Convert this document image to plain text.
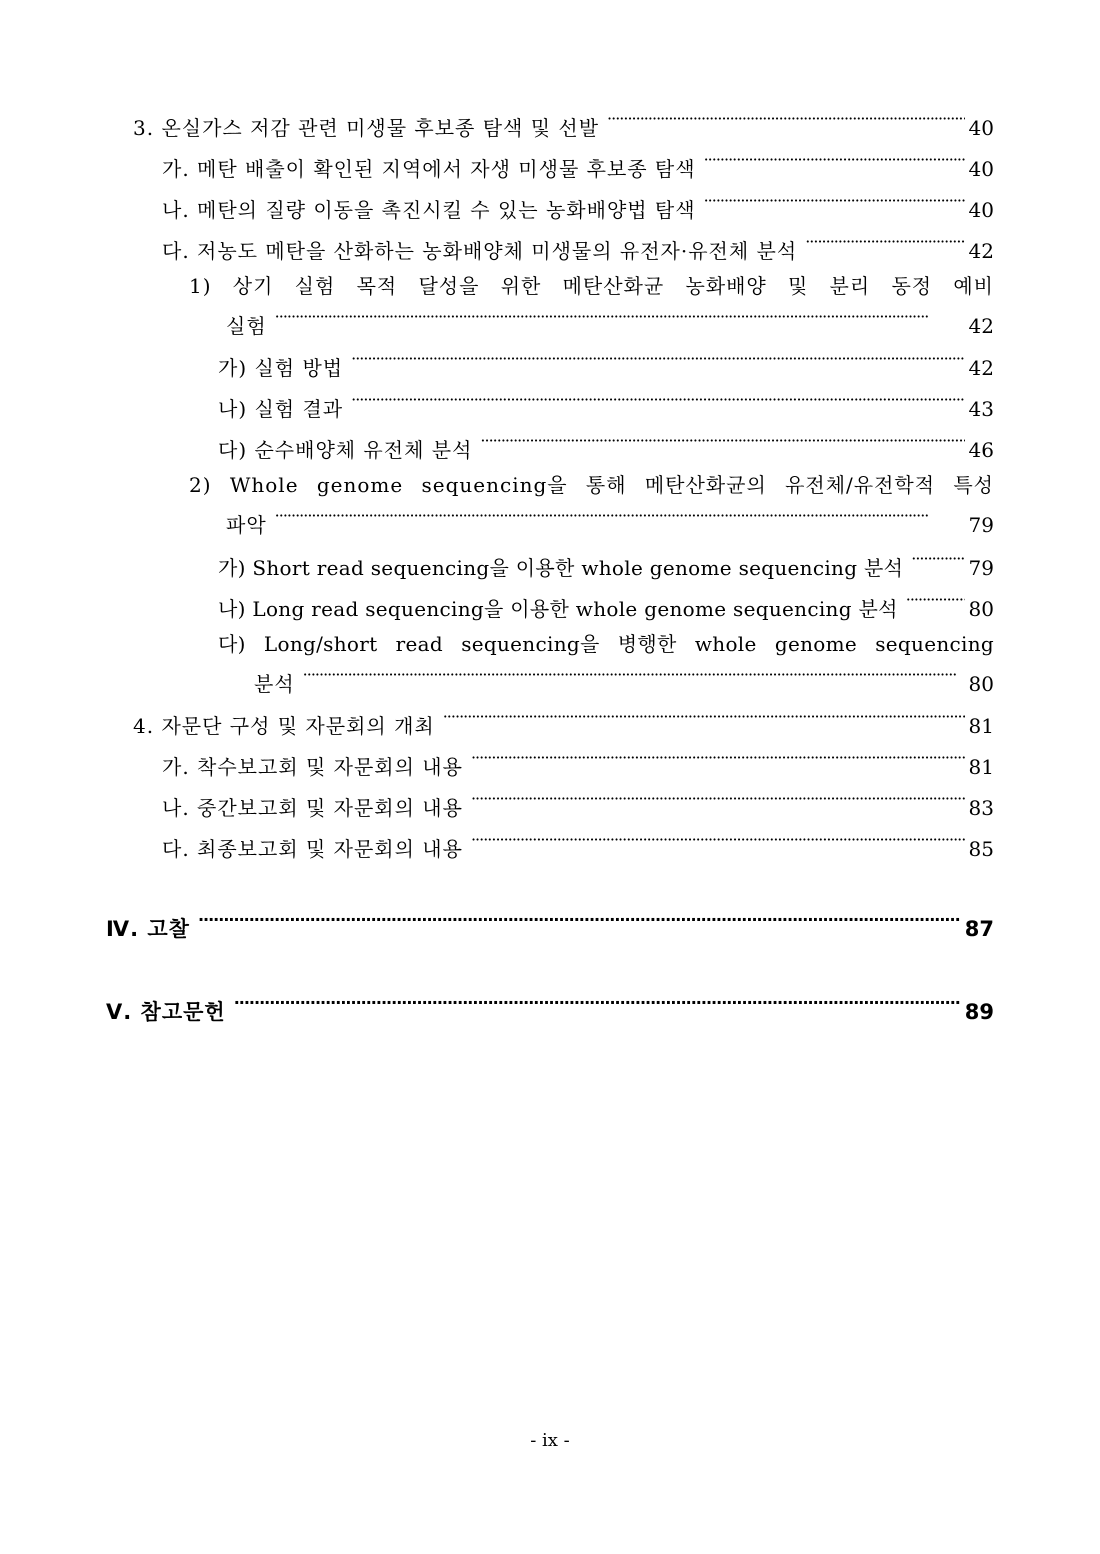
3. 온실가스 저감 관련 미생물 후보종 탐색 및 선발 ·····	40
가. 메탄 배출이 확인된 지역에서 자생 미생물 후보종 탐색 ·····	40
나. 메탄의 질량 이동을 촉진시킬 수 있는 농화배양법 탐색 ·····	40
다. 저농도 메탄을 산화하는 농화배양체 미생물의 유전자·유전체 분석 ·····	42
1) 상기 실험 목적 달성을 위한 메탄산화균 농화배양 및 분리 동정 예비
실험 ·····	42
가) 실험 방법 ·····	42
나) 실험 결과 ·····	43
다) 순수배양체 유전체 분석 ·····	46
2) Whole genome sequencing을 통해 메탄산화균의 유전체/유전학적 특성
파악 ·····	79
가) Short read sequencing을 이용한 whole genome sequencing 분석 ·····	79
나) Long read sequencing을 이용한 whole genome sequencing 분석 ·····	80
다) Long/short read sequencing을 병행한 whole genome sequencing
분석 ·····	80
4. 자문단 구성 및 자문회의 개최 ·····	81
가. 착수보고회 및 자문회의 내용 ·····	81
나. 중간보고회 및 자문회의 내용 ·····	83
다. 최종보고회 및 자문회의 내용 ·····	85
Ⅳ. 고찰 ·····	87
Ⅴ. 참고문헌 ·····	89
- ix -
